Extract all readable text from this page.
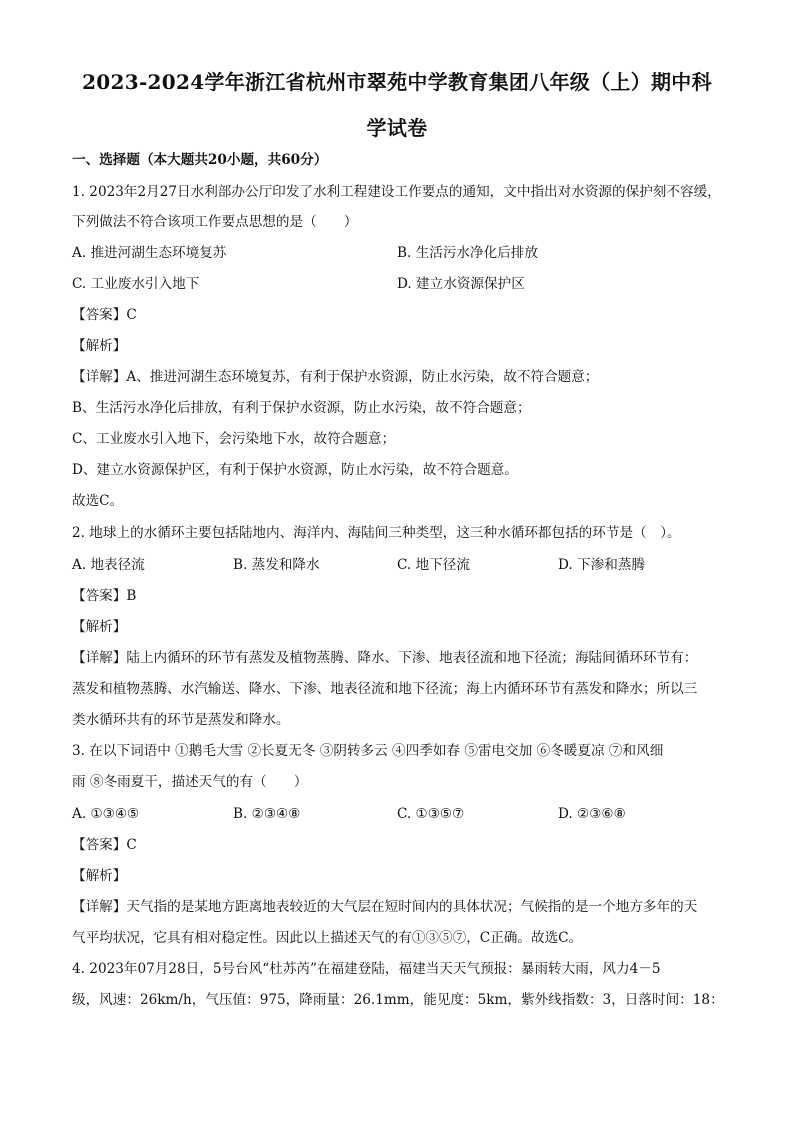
2023-2024学年浙江省杭州市翠苑中学教育集团八年级（上）期中科
学试卷
一、选择题（本大题共20小题，共60分）
1. 2023年2月27日水利部办公厅印发了水利工程建设工作要点的通知，文中指出对水资源的保护刻不容缓，
下列做法不符合该项工作要点思想的是（　　）
A. 推进河湖生态环境复苏	B. 生活污水净化后排放
C. 工业废水引入地下	D. 建立水资源保护区
【答案】C
【解析】
【详解】A、推进河湖生态环境复苏，有利于保护水资源，防止水污染，故不符合题意；
B、生活污水净化后排放，有利于保护水资源，防止水污染，故不符合题意；
C、工业废水引入地下，会污染地下水，故符合题意；
D、建立水资源保护区，有利于保护水资源，防止水污染，故不符合题意。
故选C。
2. 地球上的水循环主要包括陆地内、海洋内、海陆间三种类型，这三种水循环都包括的环节是（　）。
A. 地表径流	B. 蒸发和降水	C. 地下径流	D. 下渗和蒸腾
【答案】B
【解析】
【详解】陆上内循环的环节有蒸发及植物蒸腾、降水、下渗、地表径流和地下径流；海陆间循环环节有：
蒸发和植物蒸腾、水汽输送、降水、下渗、地表径流和地下径流；海上内循环环节有蒸发和降水；所以三
类水循环共有的环节是蒸发和降水。
3. 在以下词语中 ①鹅毛大雪 ②长夏无冬 ③阴转多云 ④四季如春 ⑤雷电交加 ⑥冬暖夏凉 ⑦和风细
雨 ⑧冬雨夏干，描述天气的有（　　）
A. ①③④⑤	B. ②③④⑧	C. ①③⑤⑦	D. ②③⑥⑧
【答案】C
【解析】
【详解】天气指的是某地方距离地表较近的大气层在短时间内的具体状况；气候指的是一个地方多年的天
气平均状况，它具有相对稳定性。因此以上描述天气的有①③⑤⑦，C正确。故选C。
4. 2023年07月28日，5号台风“杜苏芮”在福建登陆，福建当天天气预报：暴雨转大雨，风力4－5
级，风速：26km/h，气压值：975，降雨量：26.1mm，能见度：5km，紫外线指数：3，日落时间：18：
